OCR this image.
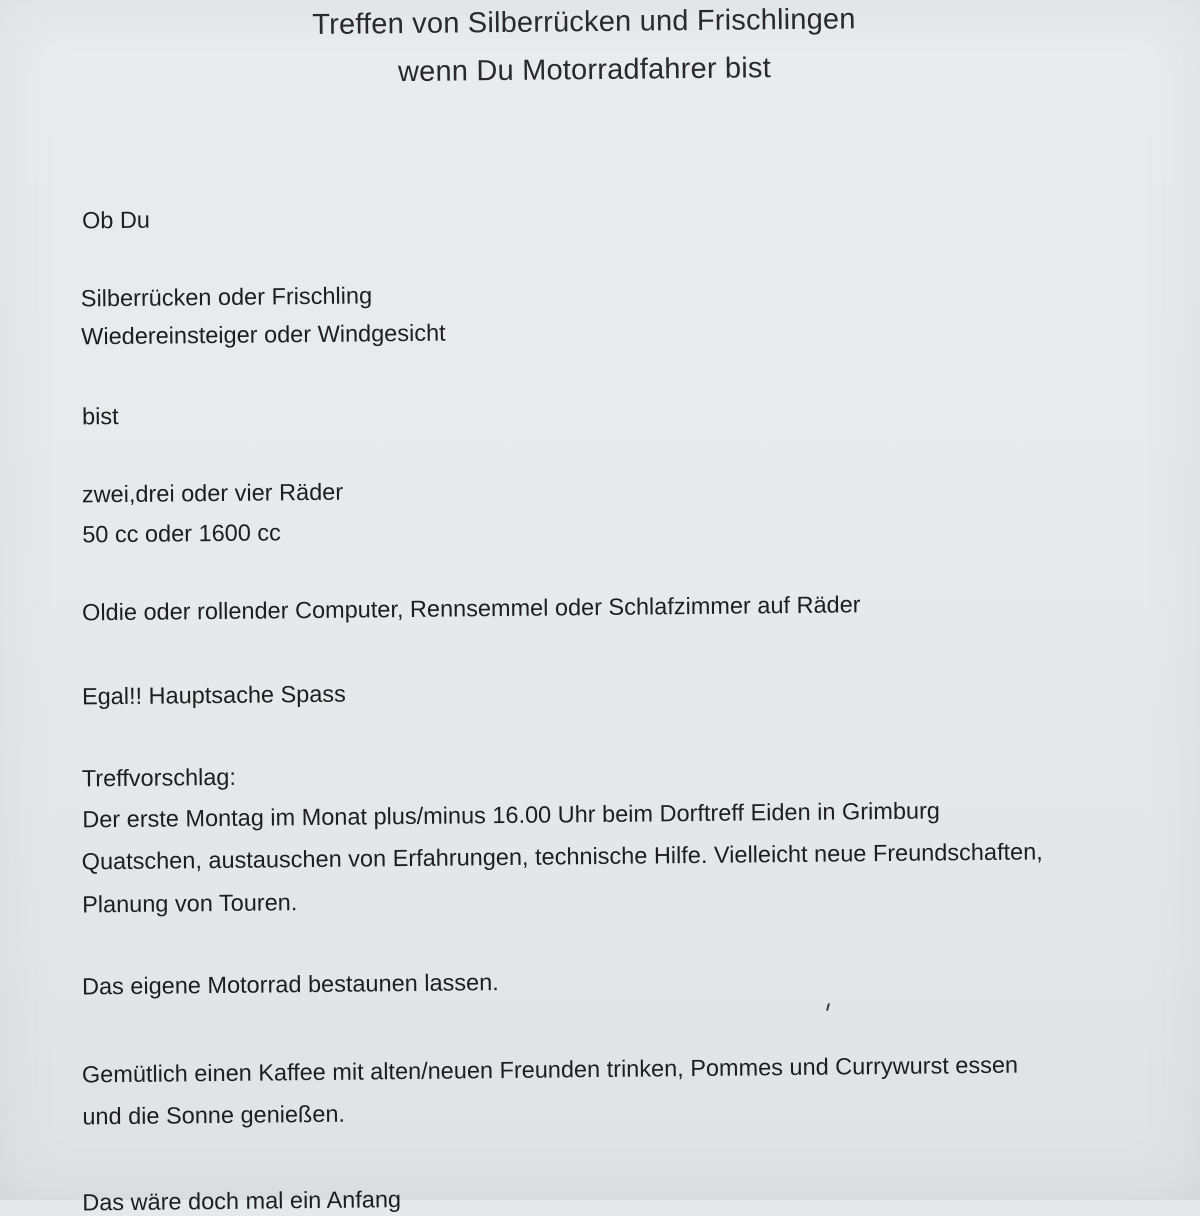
Treffen von Silberrücken und Frischlingen
wenn Du Motorradfahrer bist
Ob Du
Silberrücken oder Frischling
Wiedereinsteiger oder Windgesicht
bist
zwei,drei oder vier Räder
50 cc oder 1600 cc
Oldie oder rollender Computer, Rennsemmel oder Schlafzimmer auf Räder
Egal!! Hauptsache Spass
Treffvorschlag:
Der erste Montag im Monat plus/minus 16.00 Uhr beim Dorftreff Eiden in Grimburg
Quatschen, austauschen von Erfahrungen, technische Hilfe. Vielleicht neue Freundschaften,
Planung von Touren.
Das eigene Motorrad bestaunen lassen.
Gemütlich einen Kaffee mit alten/neuen Freunden trinken, Pommes und Currywurst essen
und die Sonne genießen.
Das wäre doch mal ein Anfang
